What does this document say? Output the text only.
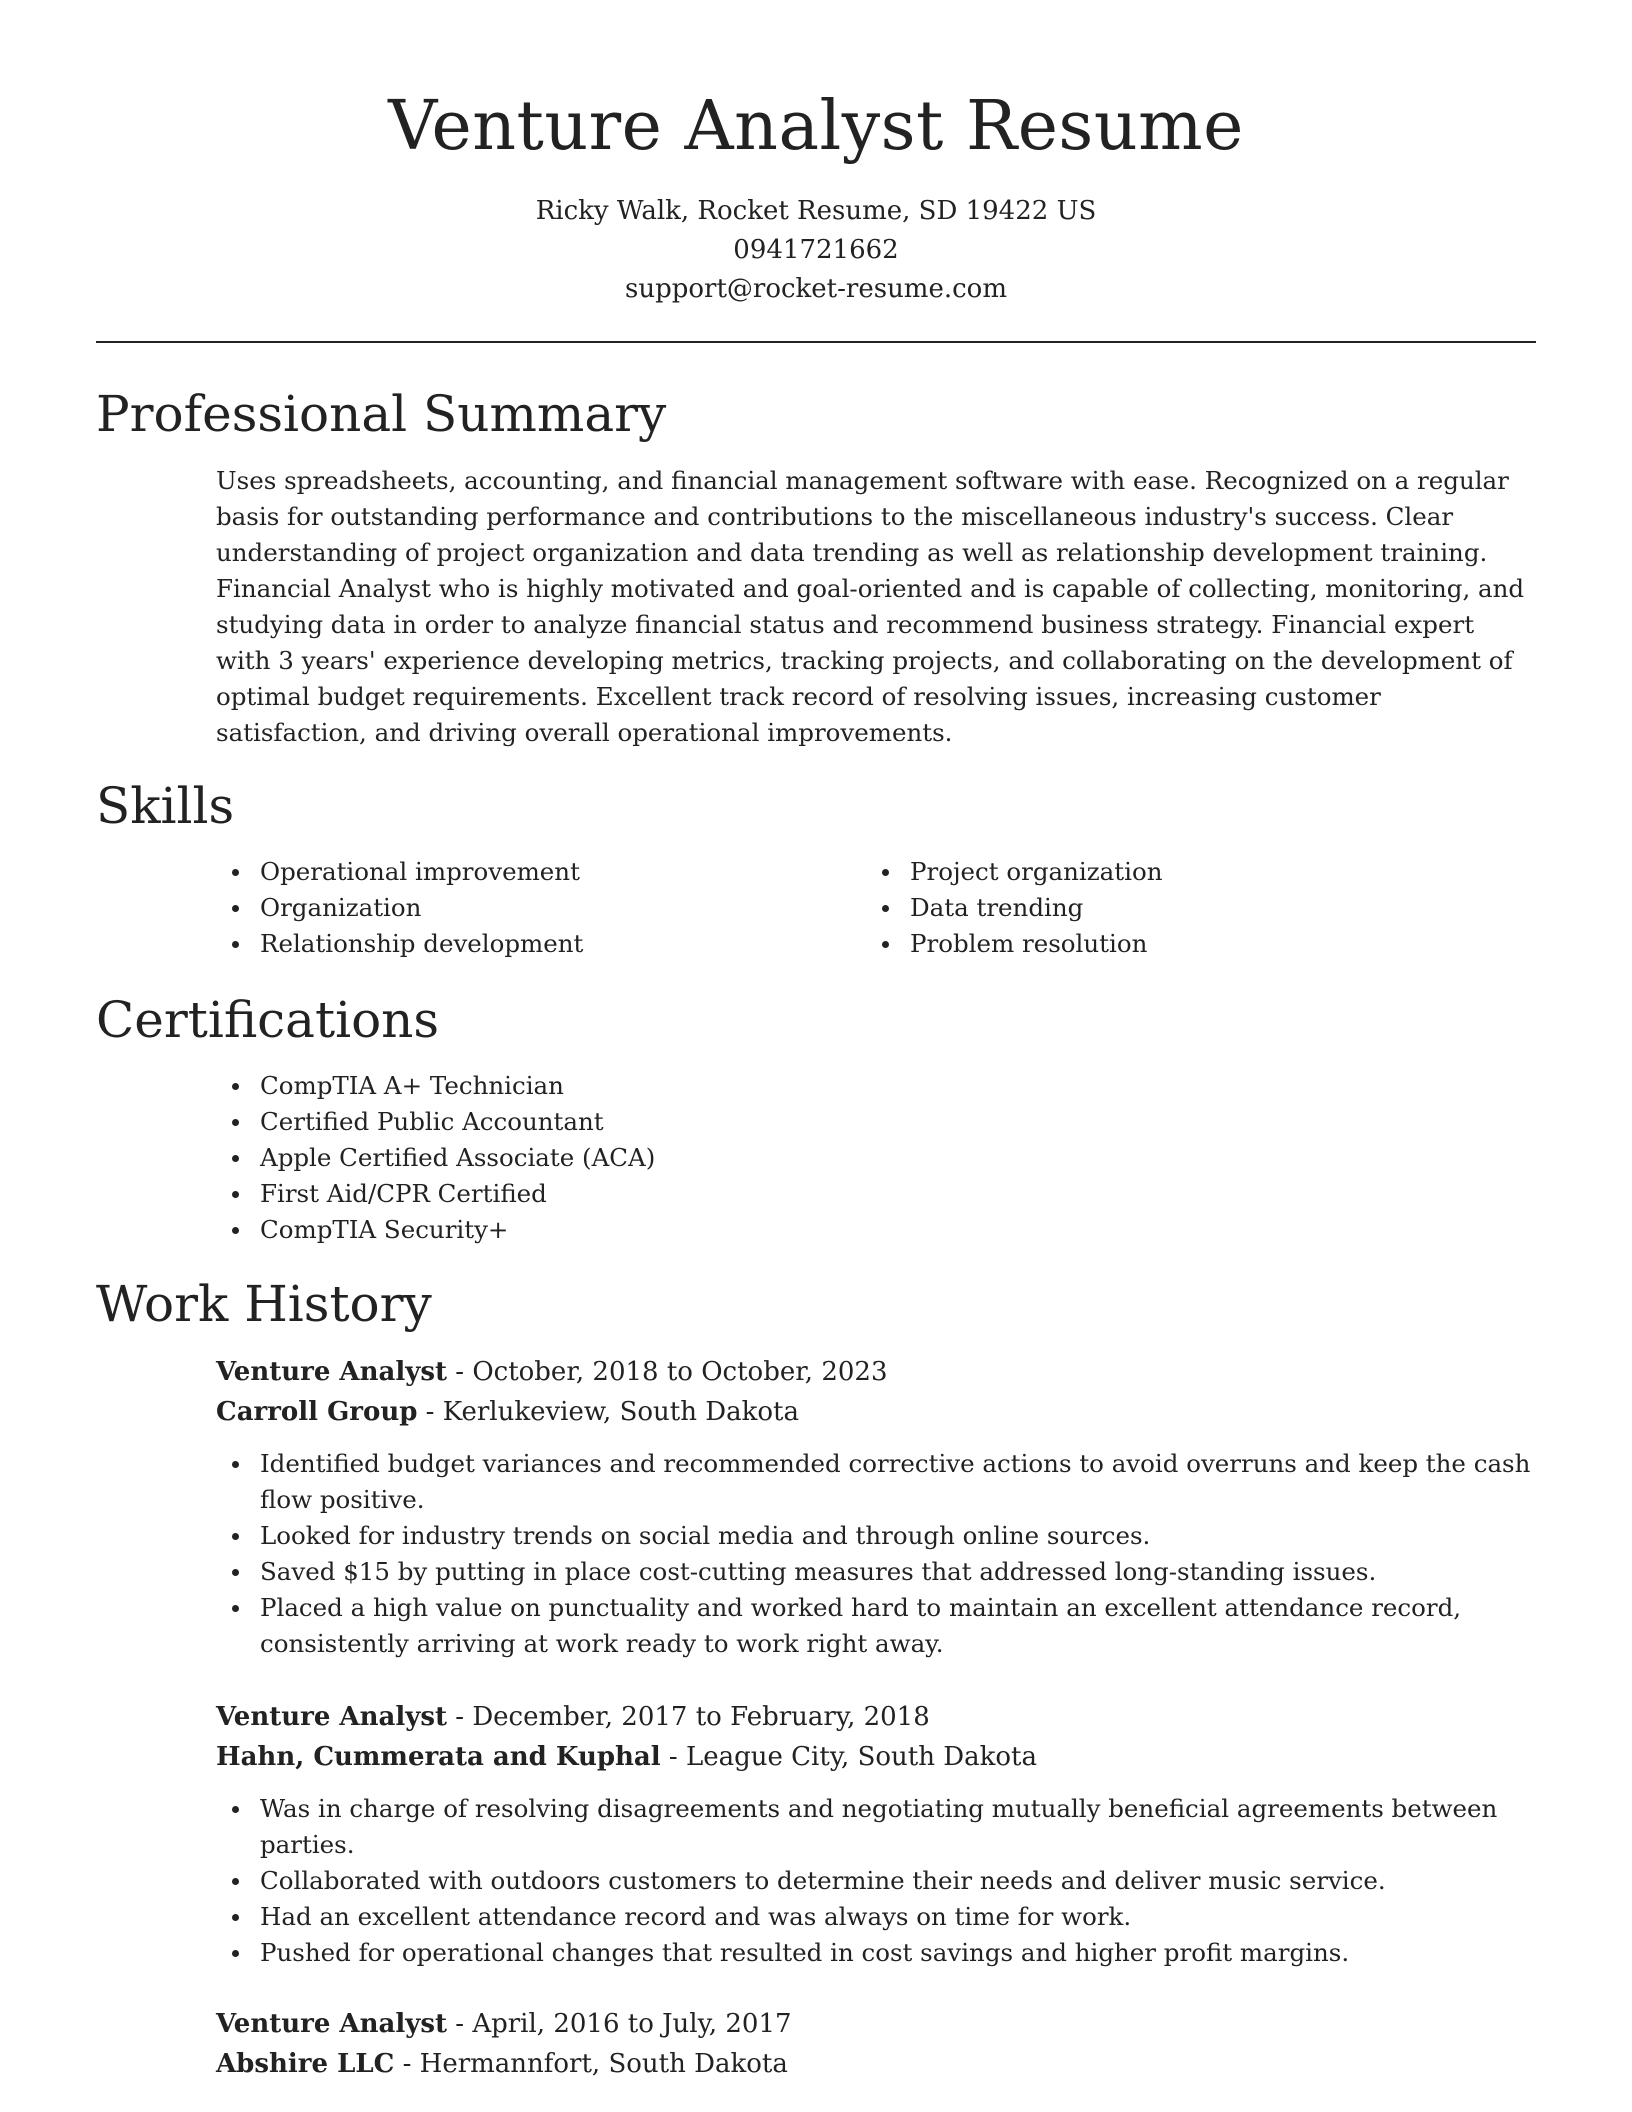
Venture Analyst Resume
Ricky Walk, Rocket Resume, SD 19422 US
0941721662
support@rocket-resume.com
Professional Summary

Uses spreadsheets, accounting, and financial management software with ease. Recognized on a regular basis for outstanding performance and contributions to the miscellaneous industry's success. Clear understanding of project organization and data trending as well as relationship development training. Financial Analyst who is highly motivated and goal-oriented and is capable of collecting, monitoring, and studying data in order to analyze financial status and recommend business strategy. Financial expert with 3 years' experience developing metrics, tracking projects, and collaborating on the development of optimal budget requirements. Excellent track record of resolving issues, increasing customer satisfaction, and driving overall operational improvements.

Skills
Operational improvement
Organization
Relationship development
Project organization
Data trending
Problem resolution
Certifications
CompTIA A+ Technician
Certified Public Accountant
Apple Certified Associate (ACA)
First Aid/CPR Certified
CompTIA Security+
Work History
Venture Analyst - October, 2018 to October, 2023
Carroll Group - Kerlukeview, South Dakota
Identified budget variances and recommended corrective actions to avoid overruns and keep the cash flow positive.
Looked for industry trends on social media and through online sources.
Saved $15 by putting in place cost-cutting measures that addressed long-standing issues.
Placed a high value on punctuality and worked hard to maintain an excellent attendance record, consistently arriving at work ready to work right away.
Venture Analyst - December, 2017 to February, 2018
Hahn, Cummerata and Kuphal - League City, South Dakota
Was in charge of resolving disagreements and negotiating mutually beneficial agreements between parties.
Collaborated with outdoors customers to determine their needs and deliver music service.
Had an excellent attendance record and was always on time for work.
Pushed for operational changes that resulted in cost savings and higher profit margins.
Venture Analyst - April, 2016 to July, 2017
Abshire LLC - Hermannfort, South Dakota
